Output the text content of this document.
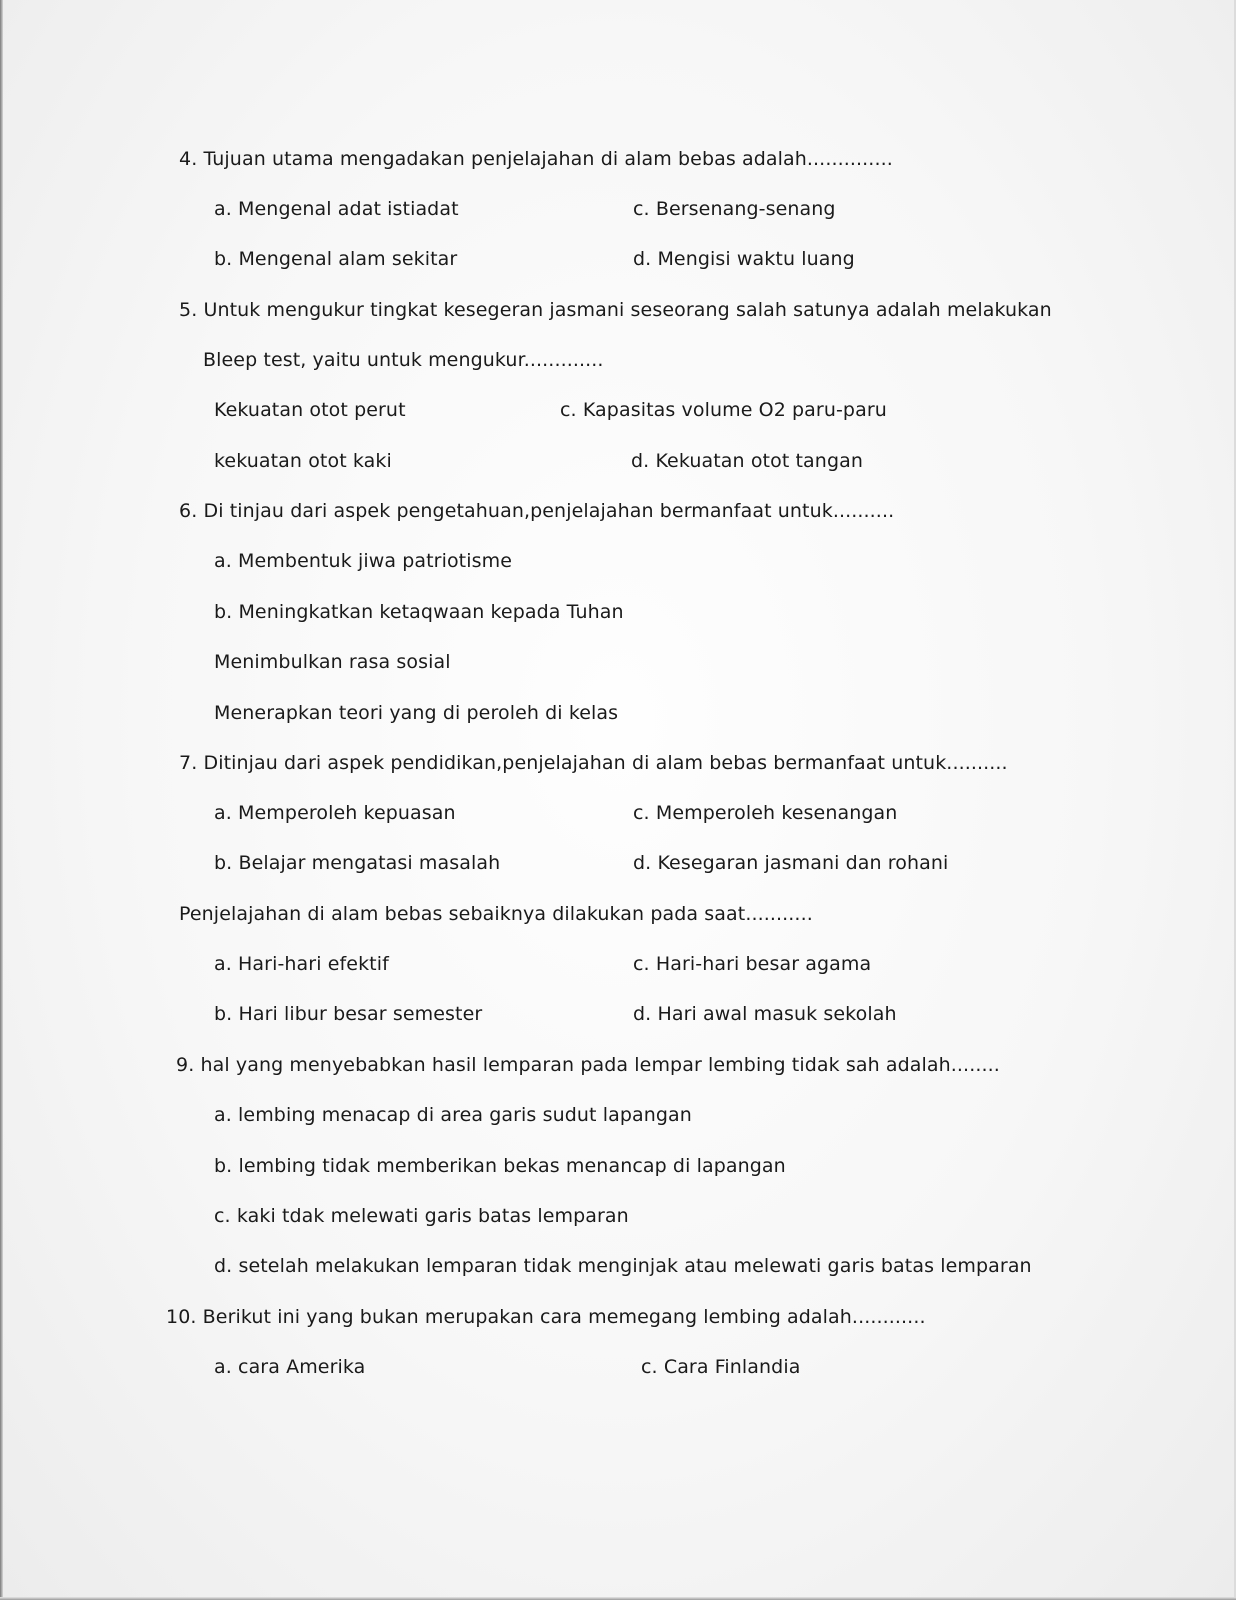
4. Tujuan utama mengadakan penjelajahan di alam bebas adalah..............
a. Mengenal adat istiadat	c. Bersenang-senang
b. Mengenal alam sekitar	d. Mengisi waktu luang
5. Untuk mengukur tingkat kesegeran jasmani seseorang salah satunya adalah melakukan
Bleep test, yaitu untuk mengukur.............
Kekuatan otot perut	c. Kapasitas volume O2 paru-paru
kekuatan otot kaki	d. Kekuatan otot tangan
6. Di tinjau dari aspek pengetahuan,penjelajahan bermanfaat untuk..........
a. Membentuk jiwa patriotisme
b. Meningkatkan ketaqwaan kepada Tuhan
Menimbulkan rasa sosial
Menerapkan teori yang di peroleh di kelas
7. Ditinjau dari aspek pendidikan,penjelajahan di alam bebas bermanfaat untuk..........
a. Memperoleh kepuasan	c. Memperoleh kesenangan
b. Belajar mengatasi masalah	d. Kesegaran jasmani dan rohani
Penjelajahan di alam bebas sebaiknya dilakukan pada saat...........
a. Hari-hari efektif	c. Hari-hari besar agama
b. Hari libur besar semester	d. Hari awal masuk sekolah
9. hal yang menyebabkan hasil lemparan pada lempar lembing tidak sah adalah........
a. lembing menacap di area garis sudut lapangan
b. lembing tidak memberikan bekas menancap di lapangan
c. kaki tdak melewati garis batas lemparan
d. setelah melakukan lemparan tidak menginjak atau melewati garis batas lemparan
10. Berikut ini yang bukan merupakan cara memegang lembing adalah............
a. cara Amerika	c. Cara Finlandia
